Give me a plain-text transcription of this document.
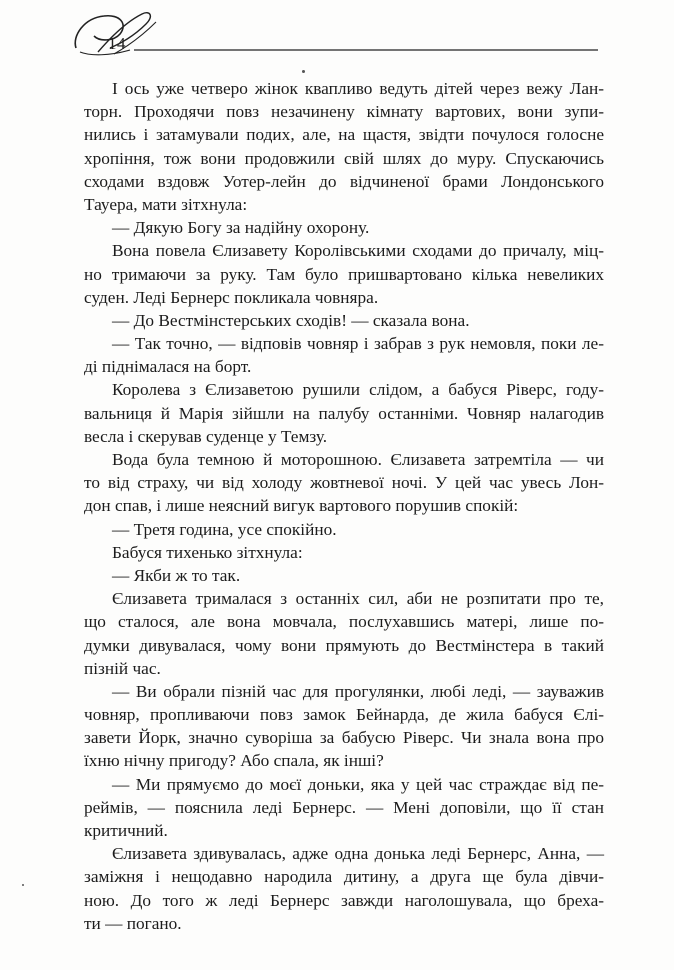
14
І ось уже четверо жінок квапливо ведуть дітей через вежу Лан-
торн. Проходячи повз незачинену кімнату вартових, вони зупи-
нились і затамували подих, але, на щастя, звідти почулося голосне
хропіння, тож вони продовжили свій шлях до муру. Спускаючись
сходами вздовж Уотер-лейн до відчиненої брами Лондонського
Тауера, мати зітхнула:
— Дякую Богу за надійну охорону.
Вона повела Єлизавету Королівськими сходами до причалу, міц-
но тримаючи за руку. Там було пришвартовано кілька невеликих
суден. Леді Бернерс покликала човняра.
— До Вестмінстерських сходів! — сказала вона.
— Так точно, — відповів човняр і забрав з рук немовля, поки ле-
ді піднімалася на борт.
Королева з Єлизаветою рушили слідом, а бабуся Ріверс, году-
вальниця й Марія зійшли на палубу останніми. Човняр налагодив
весла і скерував суденце у Темзу.
Вода була темною й моторошною. Єлизавета затремтіла — чи
то від страху, чи від холоду жовтневої ночі. У цей час увесь Лон-
дон спав, і лише неясний вигук вартового порушив спокій:
— Третя година, усе спокійно.
Бабуся тихенько зітхнула:
— Якби ж то так.
Єлизавета трималася з останніх сил, аби не розпитати про те,
що сталося, але вона мовчала, послухавшись матері, лише по-
думки дивувалася, чому вони прямують до Вестмінстера в такий
пізній час.
— Ви обрали пізній час для прогулянки, любі леді, — зауважив
човняр, пропливаючи повз замок Бейнарда, де жила бабуся Єлі-
завети Йорк, значно суворіша за бабусю Ріверс. Чи знала вона про
їхню нічну пригоду? Або спала, як інші?
— Ми прямуємо до моєї доньки, яка у цей час страждає від пе-
реймів, — пояснила леді Бернерс. — Мені доповіли, що її стан
критичний.
Єлизавета здивувалась, адже одна донька леді Бернерс, Анна, —
заміжня і нещодавно народила дитину, а друга ще була дівчи-
ною. До того ж леді Бернерс завжди наголошувала, що бреха-
ти — погано.
